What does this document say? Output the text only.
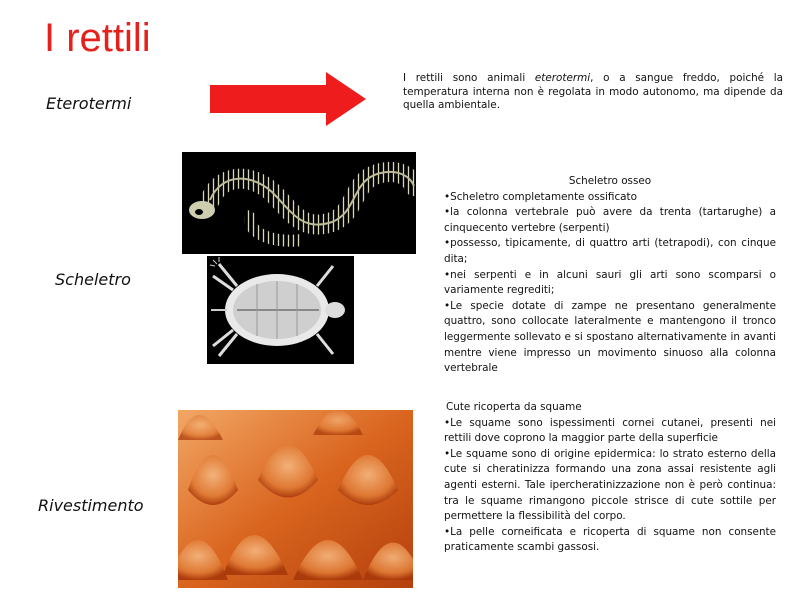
I rettili
Eterotermi
Scheletro
Rivestimento
I rettili sono animali eterotermi, o a sangue freddo, poiché la temperatura interna non è regolata in modo autonomo, ma dipende da quella ambientale.
Scheletro osseo
•Scheletro completamente ossificato
•la colonna vertebrale può avere da trenta (tartarughe) a cinquecento vertebre (serpenti)
•possesso, tipicamente, di quattro arti (tetrapodi), con cinque dita;
•nei serpenti e in alcuni sauri gli arti sono scomparsi o variamente regrediti;
•Le specie dotate di zampe ne presentano generalmente quattro, sono collocate lateralmente e mantengono il tronco leggermente sollevato e si spostano alternativamente in avanti mentre viene impresso un movimento sinuoso alla colonna vertebrale
Cute ricoperta da squame
•Le squame sono ispessimenti cornei cutanei, presenti nei rettili dove coprono la maggior parte della superficie
•Le squame sono di origine epidermica: lo strato esterno della cute si cheratinizza formando una zona assai resistente agli agenti esterni. Tale ipercheratinizzazione non è però continua: tra le squame rimangono piccole strisce di cute sottile per permettere la flessibilità del corpo.
•La pelle corneificata e ricoperta di squame non consente praticamente scambi gassosi.
